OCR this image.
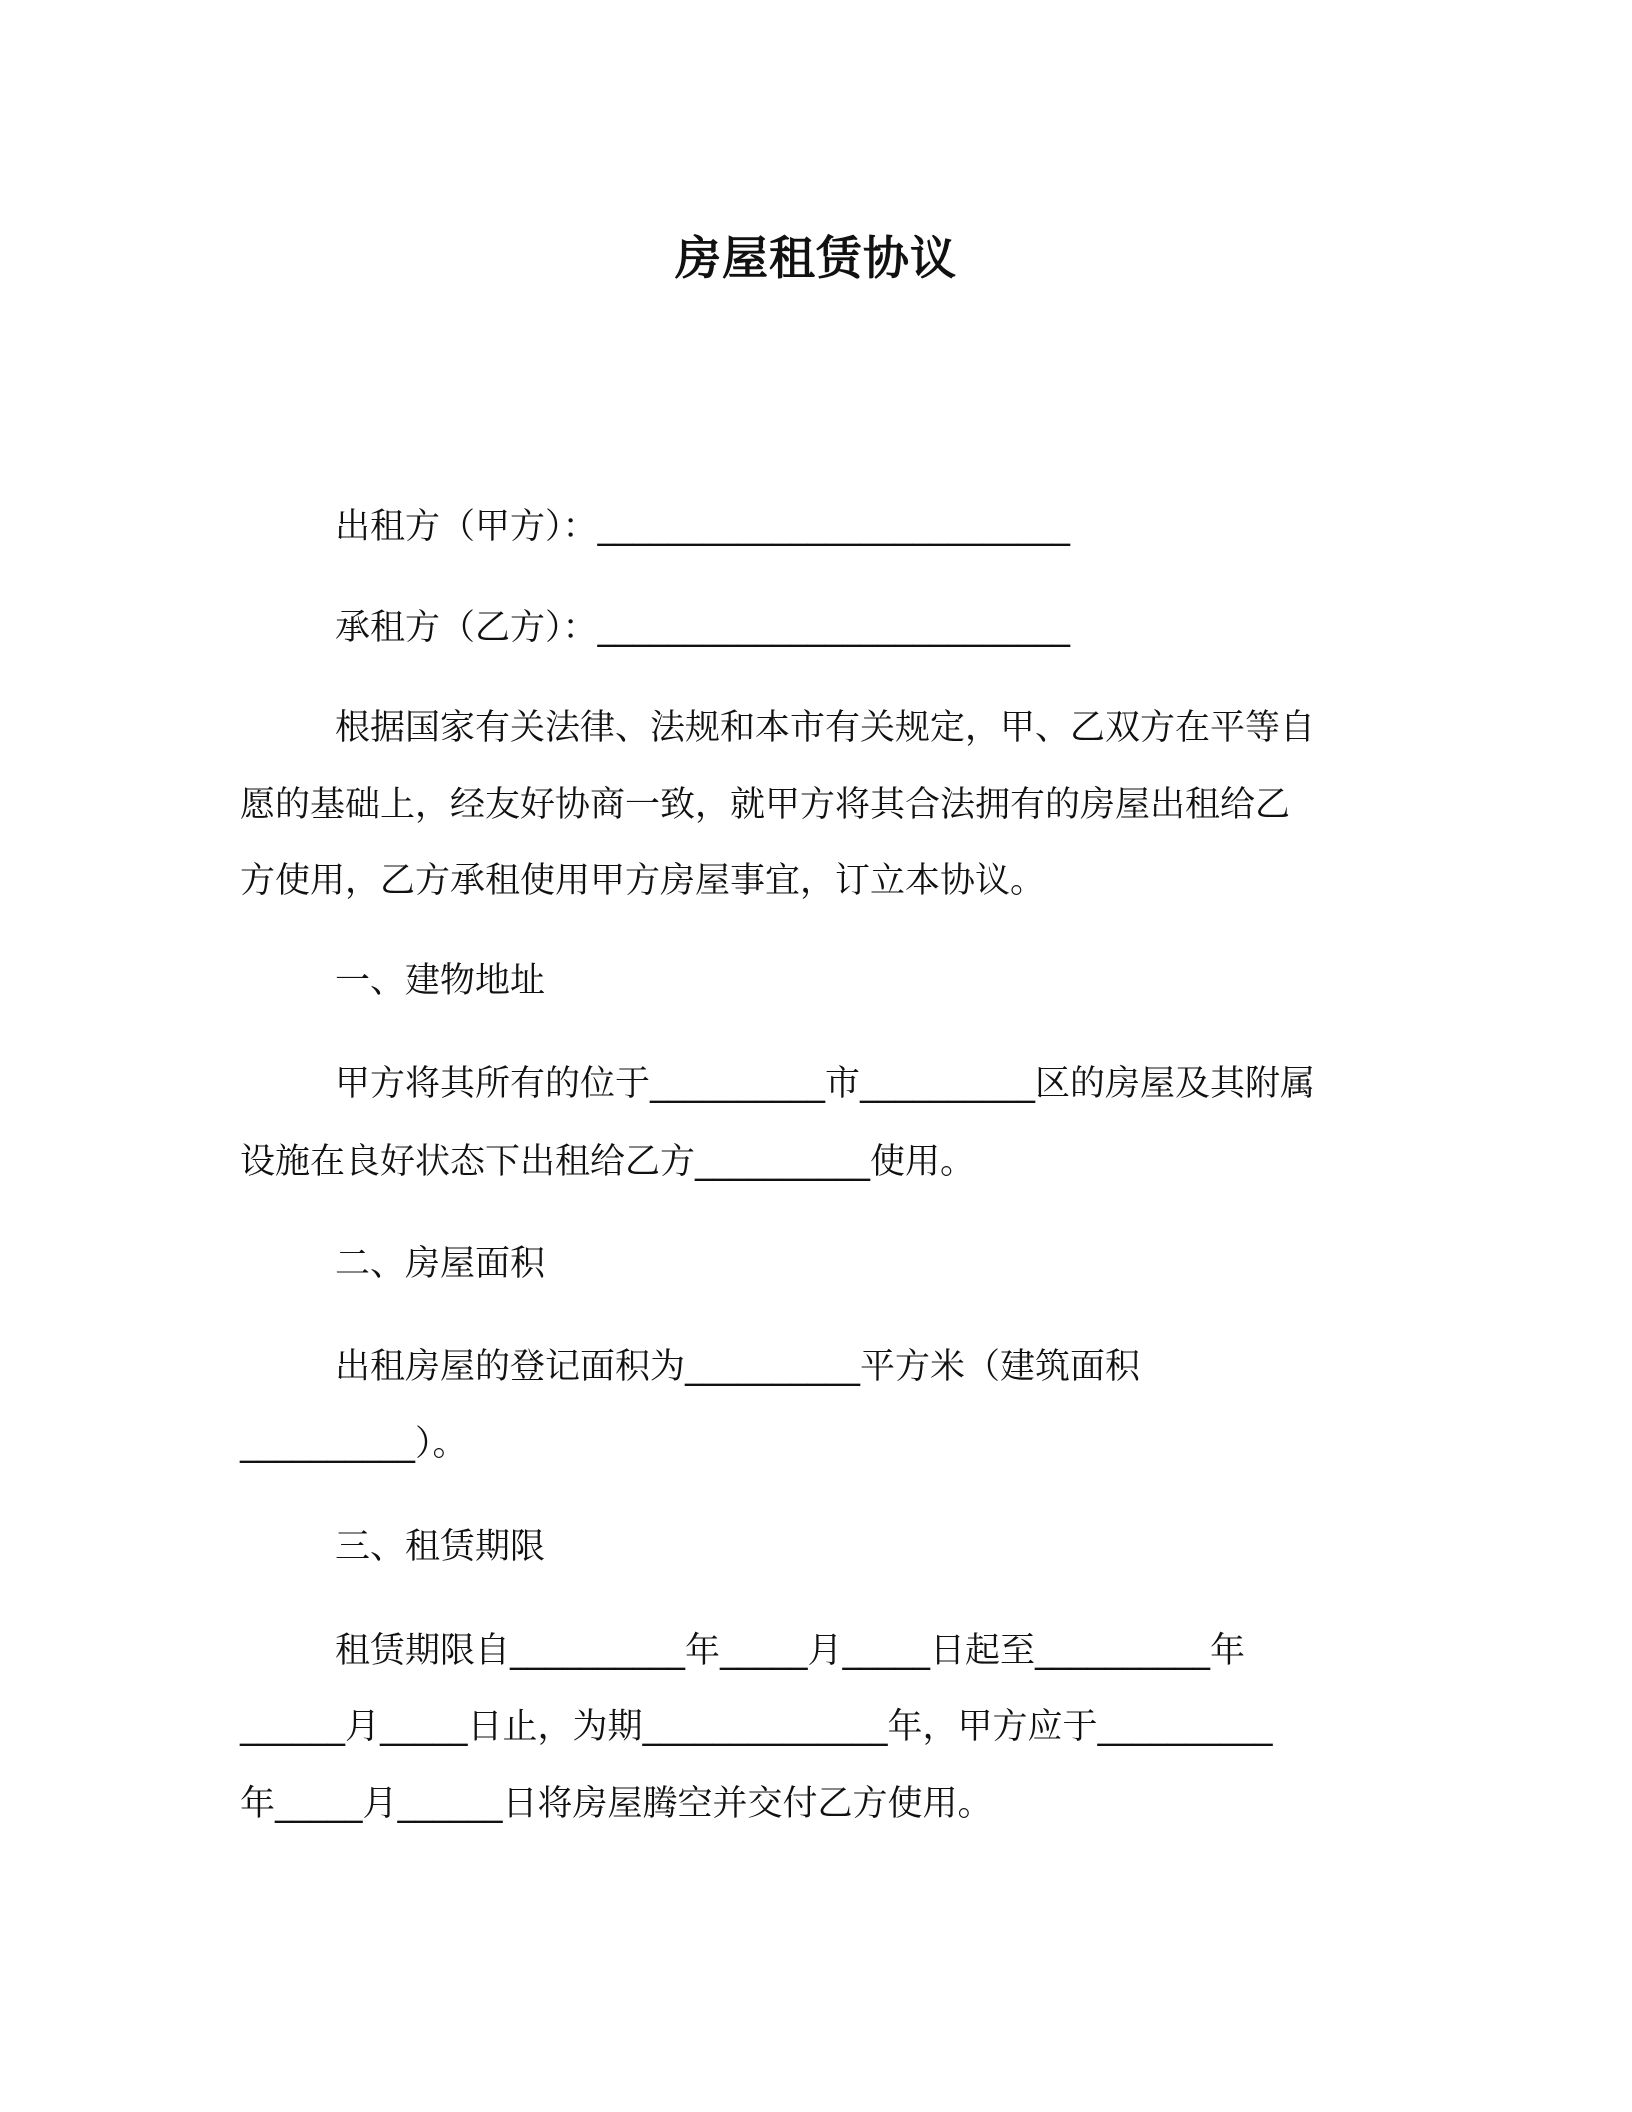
房屋租赁协议
出租方（甲方）：___________________________
承租方（乙方）：___________________________
根据国家有关法律、法规和本市有关规定，甲、乙双方在平等自
愿的基础上，经友好协商一致，就甲方将其合法拥有的房屋出租给乙
方使用，乙方承租使用甲方房屋事宜，订立本协议。
一、建物地址
甲方将其所有的位于__________市__________区的房屋及其附属
设施在良好状态下出租给乙方__________使用。
二、房屋面积
出租房屋的登记面积为__________平方米（建筑面积
__________）。
三、租赁期限
租赁期限自__________年_____月_____日起至__________年
______月_____日止，为期______________年，甲方应于__________
年_____月______日将房屋腾空并交付乙方使用。
